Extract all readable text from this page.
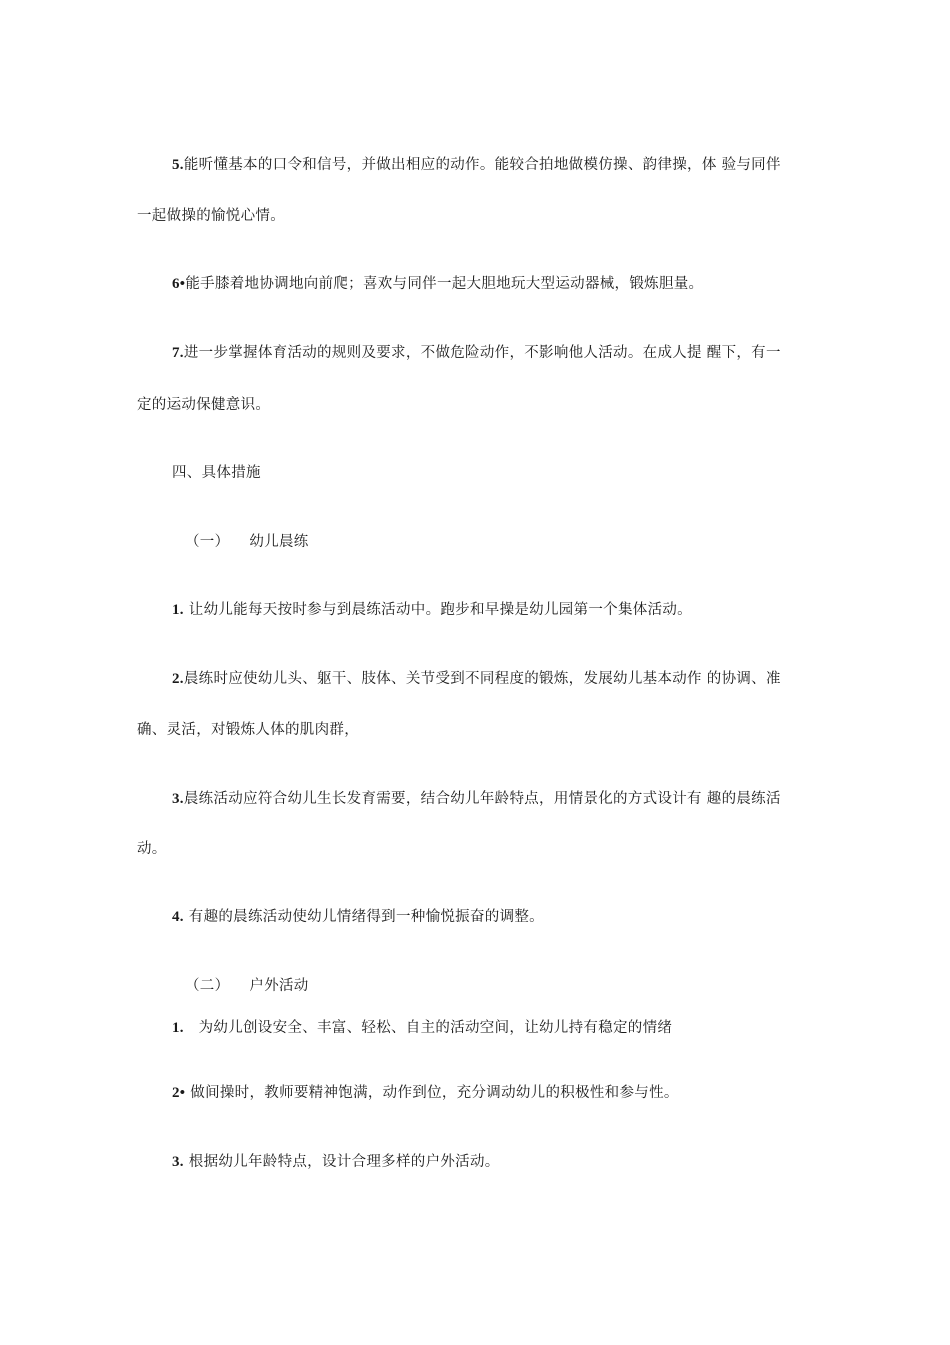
5.能听懂基本的口令和信号，并做出相应的动作。能较合拍地做模仿操、韵律操，体 验与同伴
一起做操的愉悦心情。
6•能手膝着地协调地向前爬；喜欢与同伴一起大胆地玩大型运动器械，锻炼胆量。
7.进一步掌握体育活动的规则及要求，不做危险动作，不影响他人活动。在成人提 醒下，有一
定的运动保健意识。
四、具体措施
（一） 幼儿晨练
1. 让幼儿能每天按时参与到晨练活动中。跑步和早操是幼儿园第一个集体活动。
2.晨练时应使幼儿头、躯干、肢体、关节受到不同程度的锻炼，发展幼儿基本动作 的协调、准
确、灵活，对锻炼人体的肌肉群，
3.晨练活动应符合幼儿生长发育需要，结合幼儿年龄特点，用情景化的方式设计有 趣的晨练活
动。
4. 有趣的晨练活动使幼儿情绪得到一种愉悦振奋的调整。
（二） 户外活动
1. 为幼儿创设安全、丰富、轻松、自主的活动空间，让幼儿持有稳定的情绪
2• 做间操时，教师要精神饱满，动作到位，充分调动幼儿的积极性和参与性。
3. 根据幼儿年龄特点，设计合理多样的户外活动。
